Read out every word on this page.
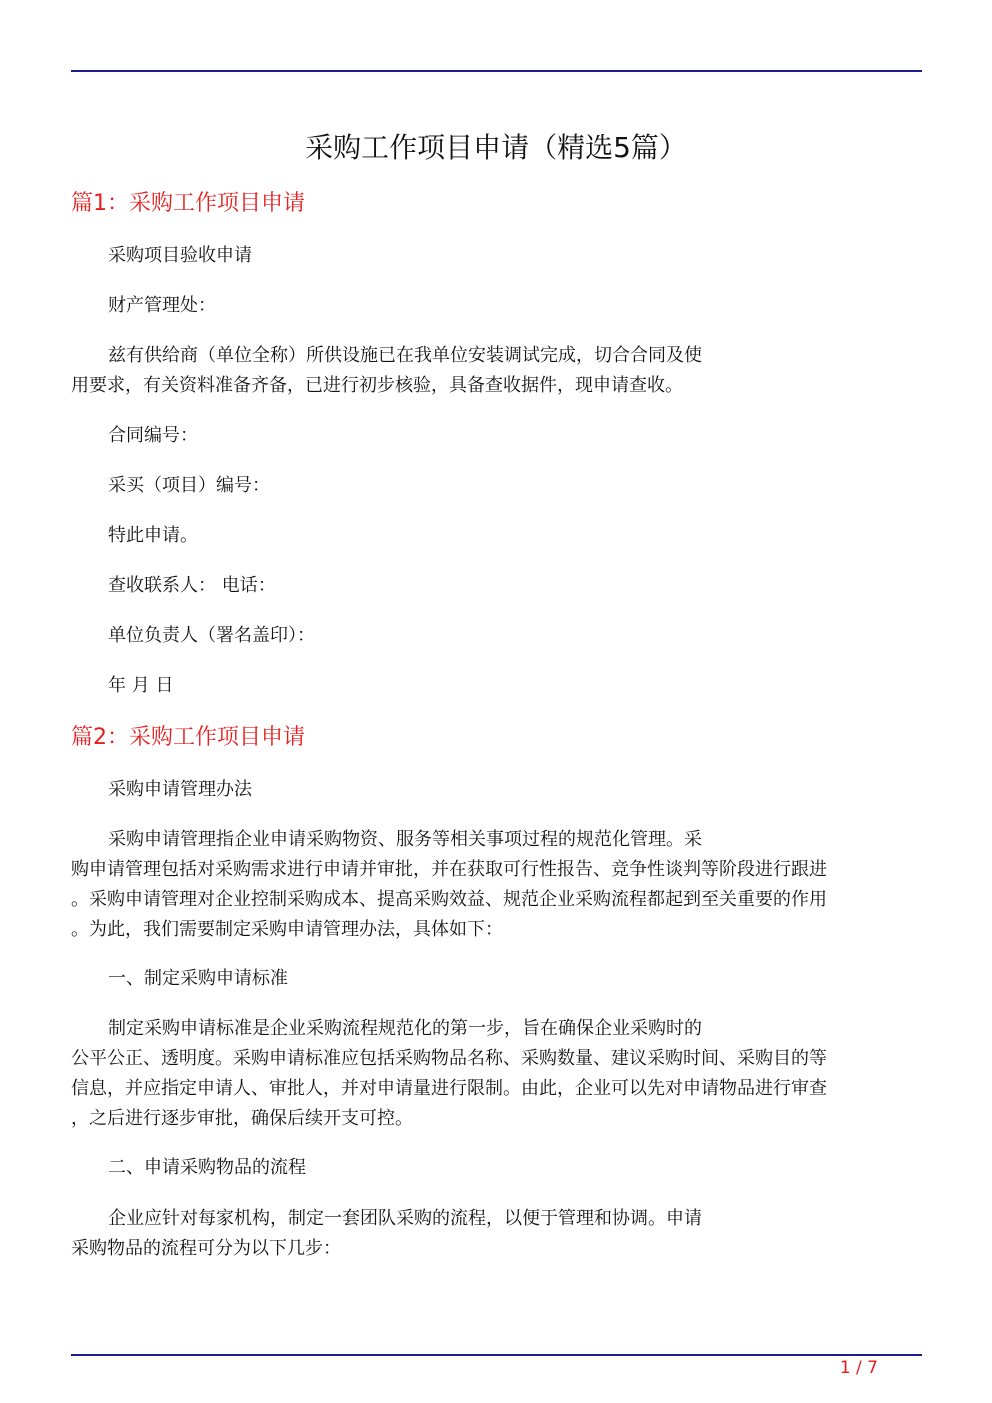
采购工作项目申请（精选5篇）
篇1：采购工作项目申请

采购项目验收申请

财产管理处：

兹有供给商（单位全称）所供设施已在我单位安装调试完成，切合合同及使
用要求，有关资料准备齐备，已进行初步核验，具备查收据件，现申请查收。

合同编号：

采买（项目）编号：

特此申请。

查收联系人： 电话：

单位负责人（署名盖印）：

年 月 日

篇2：采购工作项目申请

采购申请管理办法

采购申请管理指企业申请采购物资、服务等相关事项过程的规范化管理。采
购申请管理包括对采购需求进行申请并审批，并在获取可行性报告、竞争性谈判等阶段进行跟进
。采购申请管理对企业控制采购成本、提高采购效益、规范企业采购流程都起到至关重要的作用
。为此，我们需要制定采购申请管理办法，具体如下：

一、制定采购申请标准

制定采购申请标准是企业采购流程规范化的第一步，旨在确保企业采购时的
公平公正、透明度。采购申请标准应包括采购物品名称、采购数量、建议采购时间、采购目的等
信息，并应指定申请人、审批人，并对申请量进行限制。由此，企业可以先对申请物品进行审查
，之后进行逐步审批，确保后续开支可控。

二、申请采购物品的流程

企业应针对每家机构，制定一套团队采购的流程，以便于管理和协调。申请
采购物品的流程可分为以下几步：
1 / 7
